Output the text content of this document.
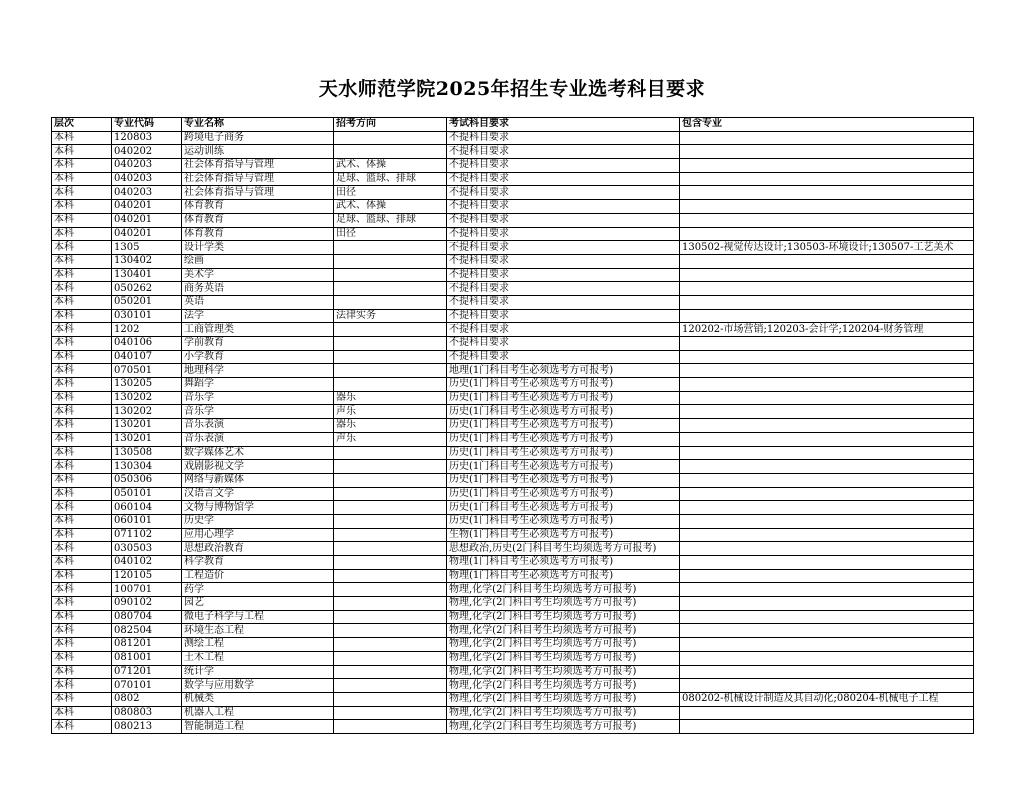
天水师范学院2025年招生专业选考科目要求
层次	专业代码	专业名称	招考方向	考试科目要求	包含专业
本科	120803	跨境电子商务		不提科目要求	
本科	040202	运动训练		不提科目要求	
本科	040203	社会体育指导与管理	武术、体操	不提科目要求	
本科	040203	社会体育指导与管理	足球、篮球、排球	不提科目要求	
本科	040203	社会体育指导与管理	田径	不提科目要求	
本科	040201	体育教育	武术、体操	不提科目要求	
本科	040201	体育教育	足球、篮球、排球	不提科目要求	
本科	040201	体育教育	田径	不提科目要求	
本科	1305	设计学类		不提科目要求	130502-视觉传达设计;130503-环境设计;130507-工艺美术
本科	130402	绘画		不提科目要求	
本科	130401	美术学		不提科目要求	
本科	050262	商务英语		不提科目要求	
本科	050201	英语		不提科目要求	
本科	030101	法学	法律实务	不提科目要求	
本科	1202	工商管理类		不提科目要求	120202-市场营销;120203-会计学;120204-财务管理
本科	040106	学前教育		不提科目要求	
本科	040107	小学教育		不提科目要求	
本科	070501	地理科学		地理(1门科目考生必须选考方可报考)	
本科	130205	舞蹈学		历史(1门科目考生必须选考方可报考)	
本科	130202	音乐学	器乐	历史(1门科目考生必须选考方可报考)	
本科	130202	音乐学	声乐	历史(1门科目考生必须选考方可报考)	
本科	130201	音乐表演	器乐	历史(1门科目考生必须选考方可报考)	
本科	130201	音乐表演	声乐	历史(1门科目考生必须选考方可报考)	
本科	130508	数字媒体艺术		历史(1门科目考生必须选考方可报考)	
本科	130304	戏剧影视文学		历史(1门科目考生必须选考方可报考)	
本科	050306	网络与新媒体		历史(1门科目考生必须选考方可报考)	
本科	050101	汉语言文学		历史(1门科目考生必须选考方可报考)	
本科	060104	文物与博物馆学		历史(1门科目考生必须选考方可报考)	
本科	060101	历史学		历史(1门科目考生必须选考方可报考)	
本科	071102	应用心理学		生物(1门科目考生必须选考方可报考)	
本科	030503	思想政治教育		思想政治,历史(2门科目考生均须选考方可报考)	
本科	040102	科学教育		物理(1门科目考生必须选考方可报考)	
本科	120105	工程造价		物理(1门科目考生必须选考方可报考)	
本科	100701	药学		物理,化学(2门科目考生均须选考方可报考)	
本科	090102	园艺		物理,化学(2门科目考生均须选考方可报考)	
本科	080704	微电子科学与工程		物理,化学(2门科目考生均须选考方可报考)	
本科	082504	环境生态工程		物理,化学(2门科目考生均须选考方可报考)	
本科	081201	测绘工程		物理,化学(2门科目考生均须选考方可报考)	
本科	081001	土木工程		物理,化学(2门科目考生均须选考方可报考)	
本科	071201	统计学		物理,化学(2门科目考生均须选考方可报考)	
本科	070101	数学与应用数学		物理,化学(2门科目考生均须选考方可报考)	
本科	0802	机械类		物理,化学(2门科目考生均须选考方可报考)	080202-机械设计制造及其自动化;080204-机械电子工程
本科	080803	机器人工程		物理,化学(2门科目考生均须选考方可报考)	
本科	080213	智能制造工程		物理,化学(2门科目考生均须选考方可报考)	
